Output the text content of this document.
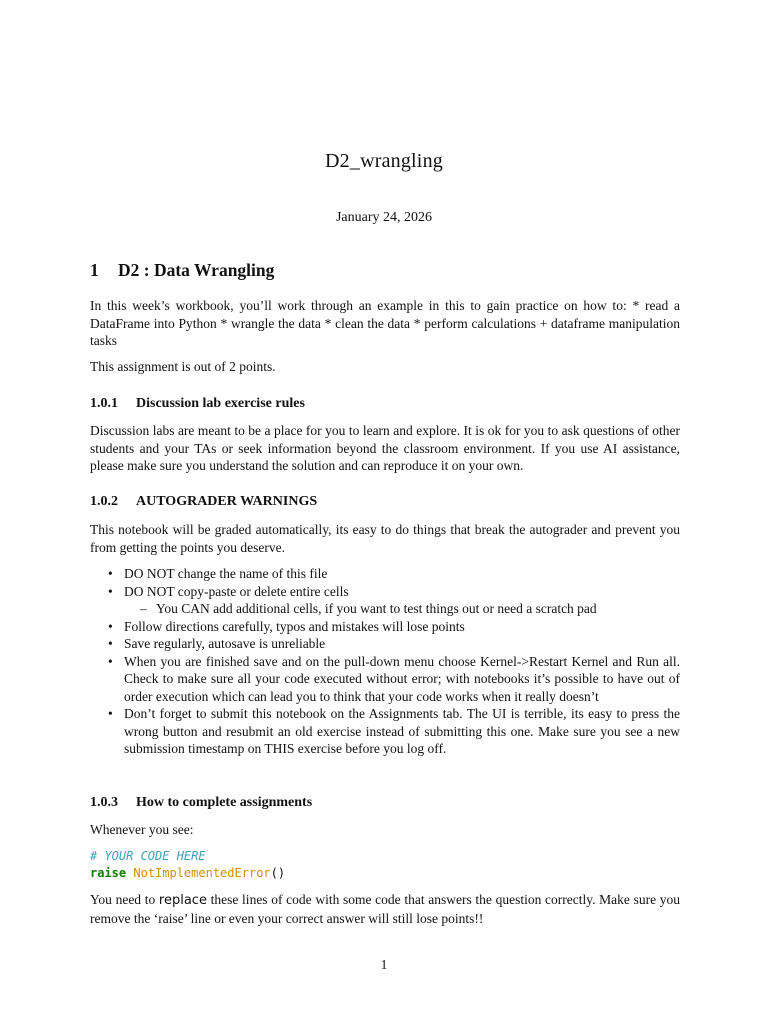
D2_wrangling
January 24, 2026
1 D2 : Data Wrangling
In this week’s workbook, you’ll work through an example in this to gain practice on how to: * read a DataFrame into Python * wrangle the data * clean the data * perform calculations + dataframe manipulation tasks
This assignment is out of 2 points.
1.0.1 Discussion lab exercise rules
Discussion labs are meant to be a place for you to learn and explore. It is ok for you to ask questions of other students and your TAs or seek information beyond the classroom environment. If you use AI assistance, please make sure you understand the solution and can reproduce it on your own.
1.0.2 AUTOGRADER WARNINGS
This notebook will be graded automatically, its easy to do things that break the autograder and prevent you from getting the points you deserve.
• DO NOT change the name of this file
• DO NOT copy-paste or delete entire cells
– You CAN add additional cells, if you want to test things out or need a scratch pad
• Follow directions carefully, typos and mistakes will lose points
• Save regularly, autosave is unreliable
• When you are finished save and on the pull-down menu choose Kernel->Restart Kernel and Run all. Check to make sure all your code executed without error; with notebooks it’s possible to have out of order execution which can lead you to think that your code works when it really doesn’t
• Don’t forget to submit this notebook on the Assignments tab. The UI is terrible, its easy to press the wrong button and resubmit an old exercise instead of submitting this one. Make sure you see a new submission timestamp on THIS exercise before you log off.
1.0.3 How to complete assignments
Whenever you see:
# YOUR CODE HERE
raise NotImplementedError()
You need to replace these lines of code with some code that answers the question correctly. Make sure you remove the ‘raise’ line or even your correct answer will still lose points!!
1
